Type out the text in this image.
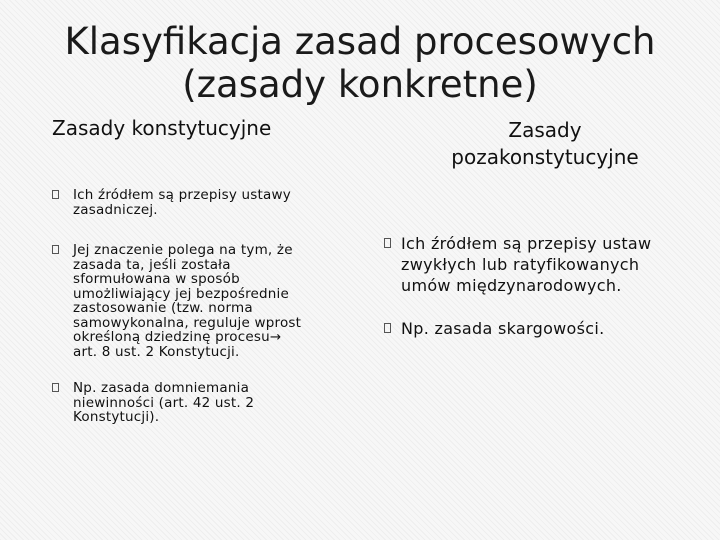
Klasyfikacja zasad procesowych
(zasady konkretne)
Zasady konstytucyjne	Zasady
pozakonstytucyjne
Ich źródłem są przepisy ustawy
zasadniczej.
Jej znaczenie polega na tym, że
zasada ta, jeśli została
sformułowana w sposób
umożliwiający jej bezpośrednie
zastosowanie (tzw. norma
samowykonalna, reguluje wprost
określoną dziedzinę procesu→
art. 8 ust. 2 Konstytucji.
Np. zasada domniemania
niewinności (art. 42 ust. 2
Konstytucji).
Ich źródłem są przepisy ustaw
zwykłych lub ratyfikowanych
umów międzynarodowych.
Np. zasada skargowości.
